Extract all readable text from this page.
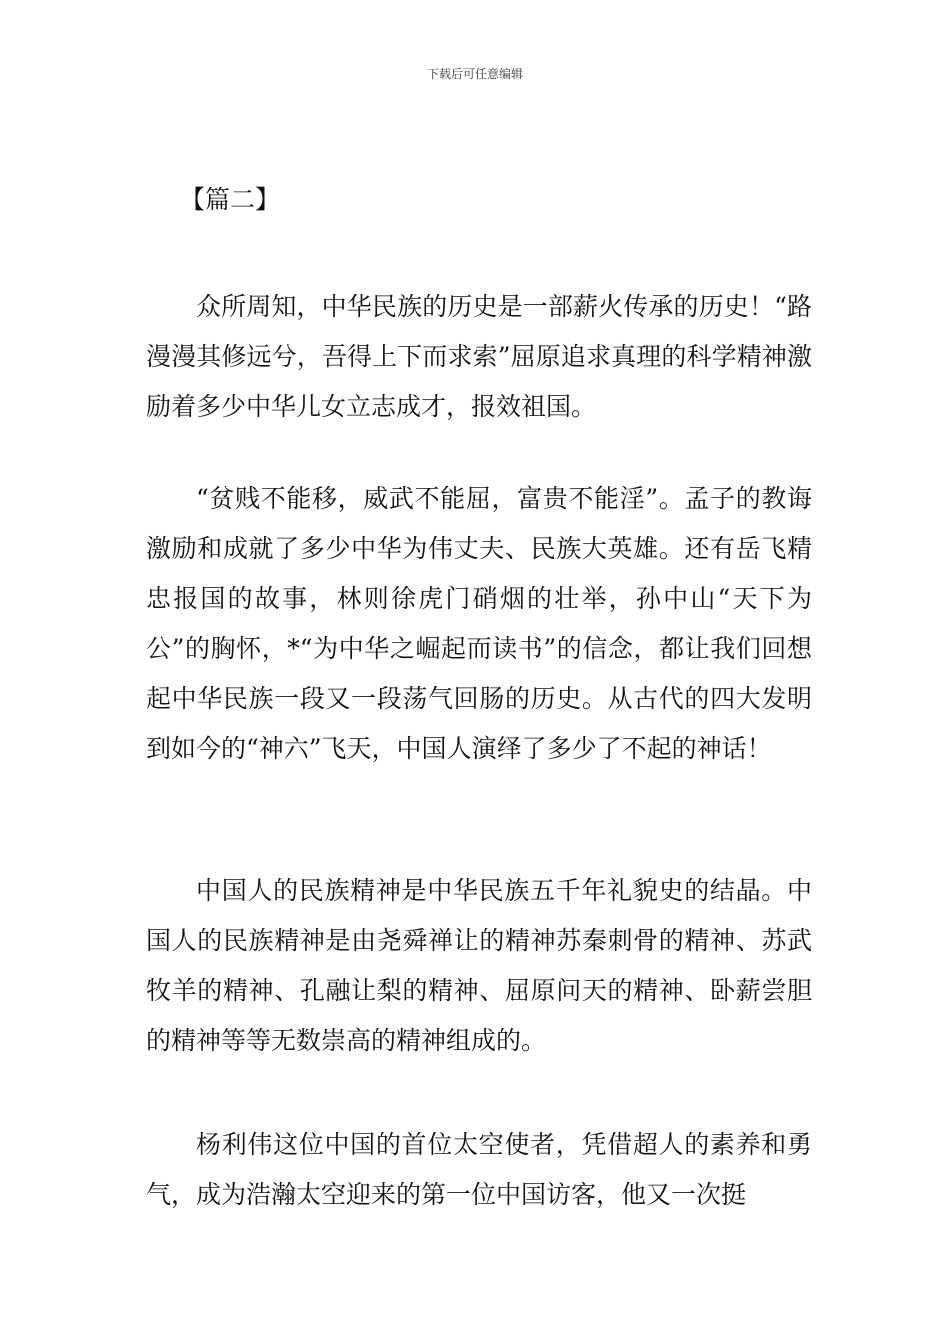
下载后可任意编辑
【篇二】

众所周知，中华民族的历史是一部薪火传承的历史！“路漫漫其修远兮，吾得上下而求索”屈原追求真理的科学精神激励着多少中华儿女立志成才，报效祖国。

“贫贱不能移，威武不能屈，富贵不能淫”。孟子的教诲激励和成就了多少中华为伟丈夫、民族大英雄。还有岳飞精忠报国的故事，林则徐虎门硝烟的壮举，孙中山“天下为公”的胸怀，*“为中华之崛起而读书”的信念，都让我们回想起中华民族一段又一段荡气回肠的历史。从古代的四大发明到如今的“神六”飞天，中国人演绎了多少了不起的神话！

中国人的民族精神是中华民族五千年礼貌史的结晶。中国人的民族精神是由尧舜禅让的精神苏秦刺骨的精神、苏武牧羊的精神、孔融让梨的精神、屈原问天的精神、卧薪尝胆的精神等等无数崇高的精神组成的。

杨利伟这位中国的首位太空使者，凭借超人的素养和勇气，成为浩瀚太空迎来的第一位中国访客，他又一次挺
